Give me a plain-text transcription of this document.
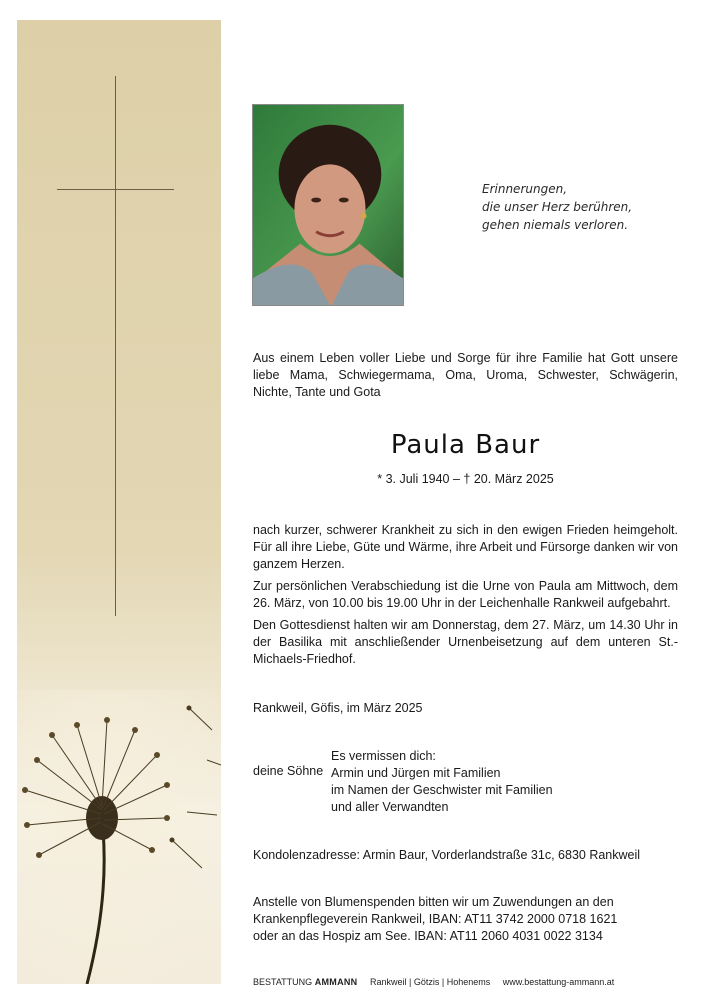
Erinnerungen,
die unser Herz berühren,
gehen niemals verloren.

Aus einem Leben voller Liebe und Sorge für ihre Familie hat Gott unsere liebe Mama, Schwiegermama, Oma, Uroma, Schwester, Schwägerin, Nichte, Tante und Gota

Paula Baur
* 3. Juli 1940 – † 20. März 2025

nach kurzer, schwerer Krankheit zu sich in den ewigen Frieden heimgeholt. Für all ihre Liebe, Güte und Wärme, ihre Arbeit und Fürsorge danken wir von ganzem Herzen.

Zur persönlichen Verabschiedung ist die Urne von Paula am Mittwoch, dem 26. März, von 10.00 bis 19.00 Uhr in der Leichenhalle Rankweil aufgebahrt.

Den Gottesdienst halten wir am Donnerstag, dem 27. März, um 14.30 Uhr in der Basilika mit anschließender Urnenbeisetzung auf dem unteren St.-Michaels-Friedhof.

Rankweil, Göfis, im März 2025
deine Söhne
Es vermissen dich:
Armin und Jürgen mit Familien
im Namen der Geschwister mit Familien
und aller Verwandten
Kondolenzadresse: Armin Baur, Vorderlandstraße 31c, 6830 Rankweil

Anstelle von Blumenspenden bitten wir um Zuwendungen an den

Krankenpflegeverein Rankweil, IBAN: AT11 3742 2000 0718 1621

oder an das Hospiz am See. IBAN: AT11 2060 4031 0022 3134

BESTATTUNG AMMANN Rankweil | Götzis | Hohenems www.bestattung-ammann.at
